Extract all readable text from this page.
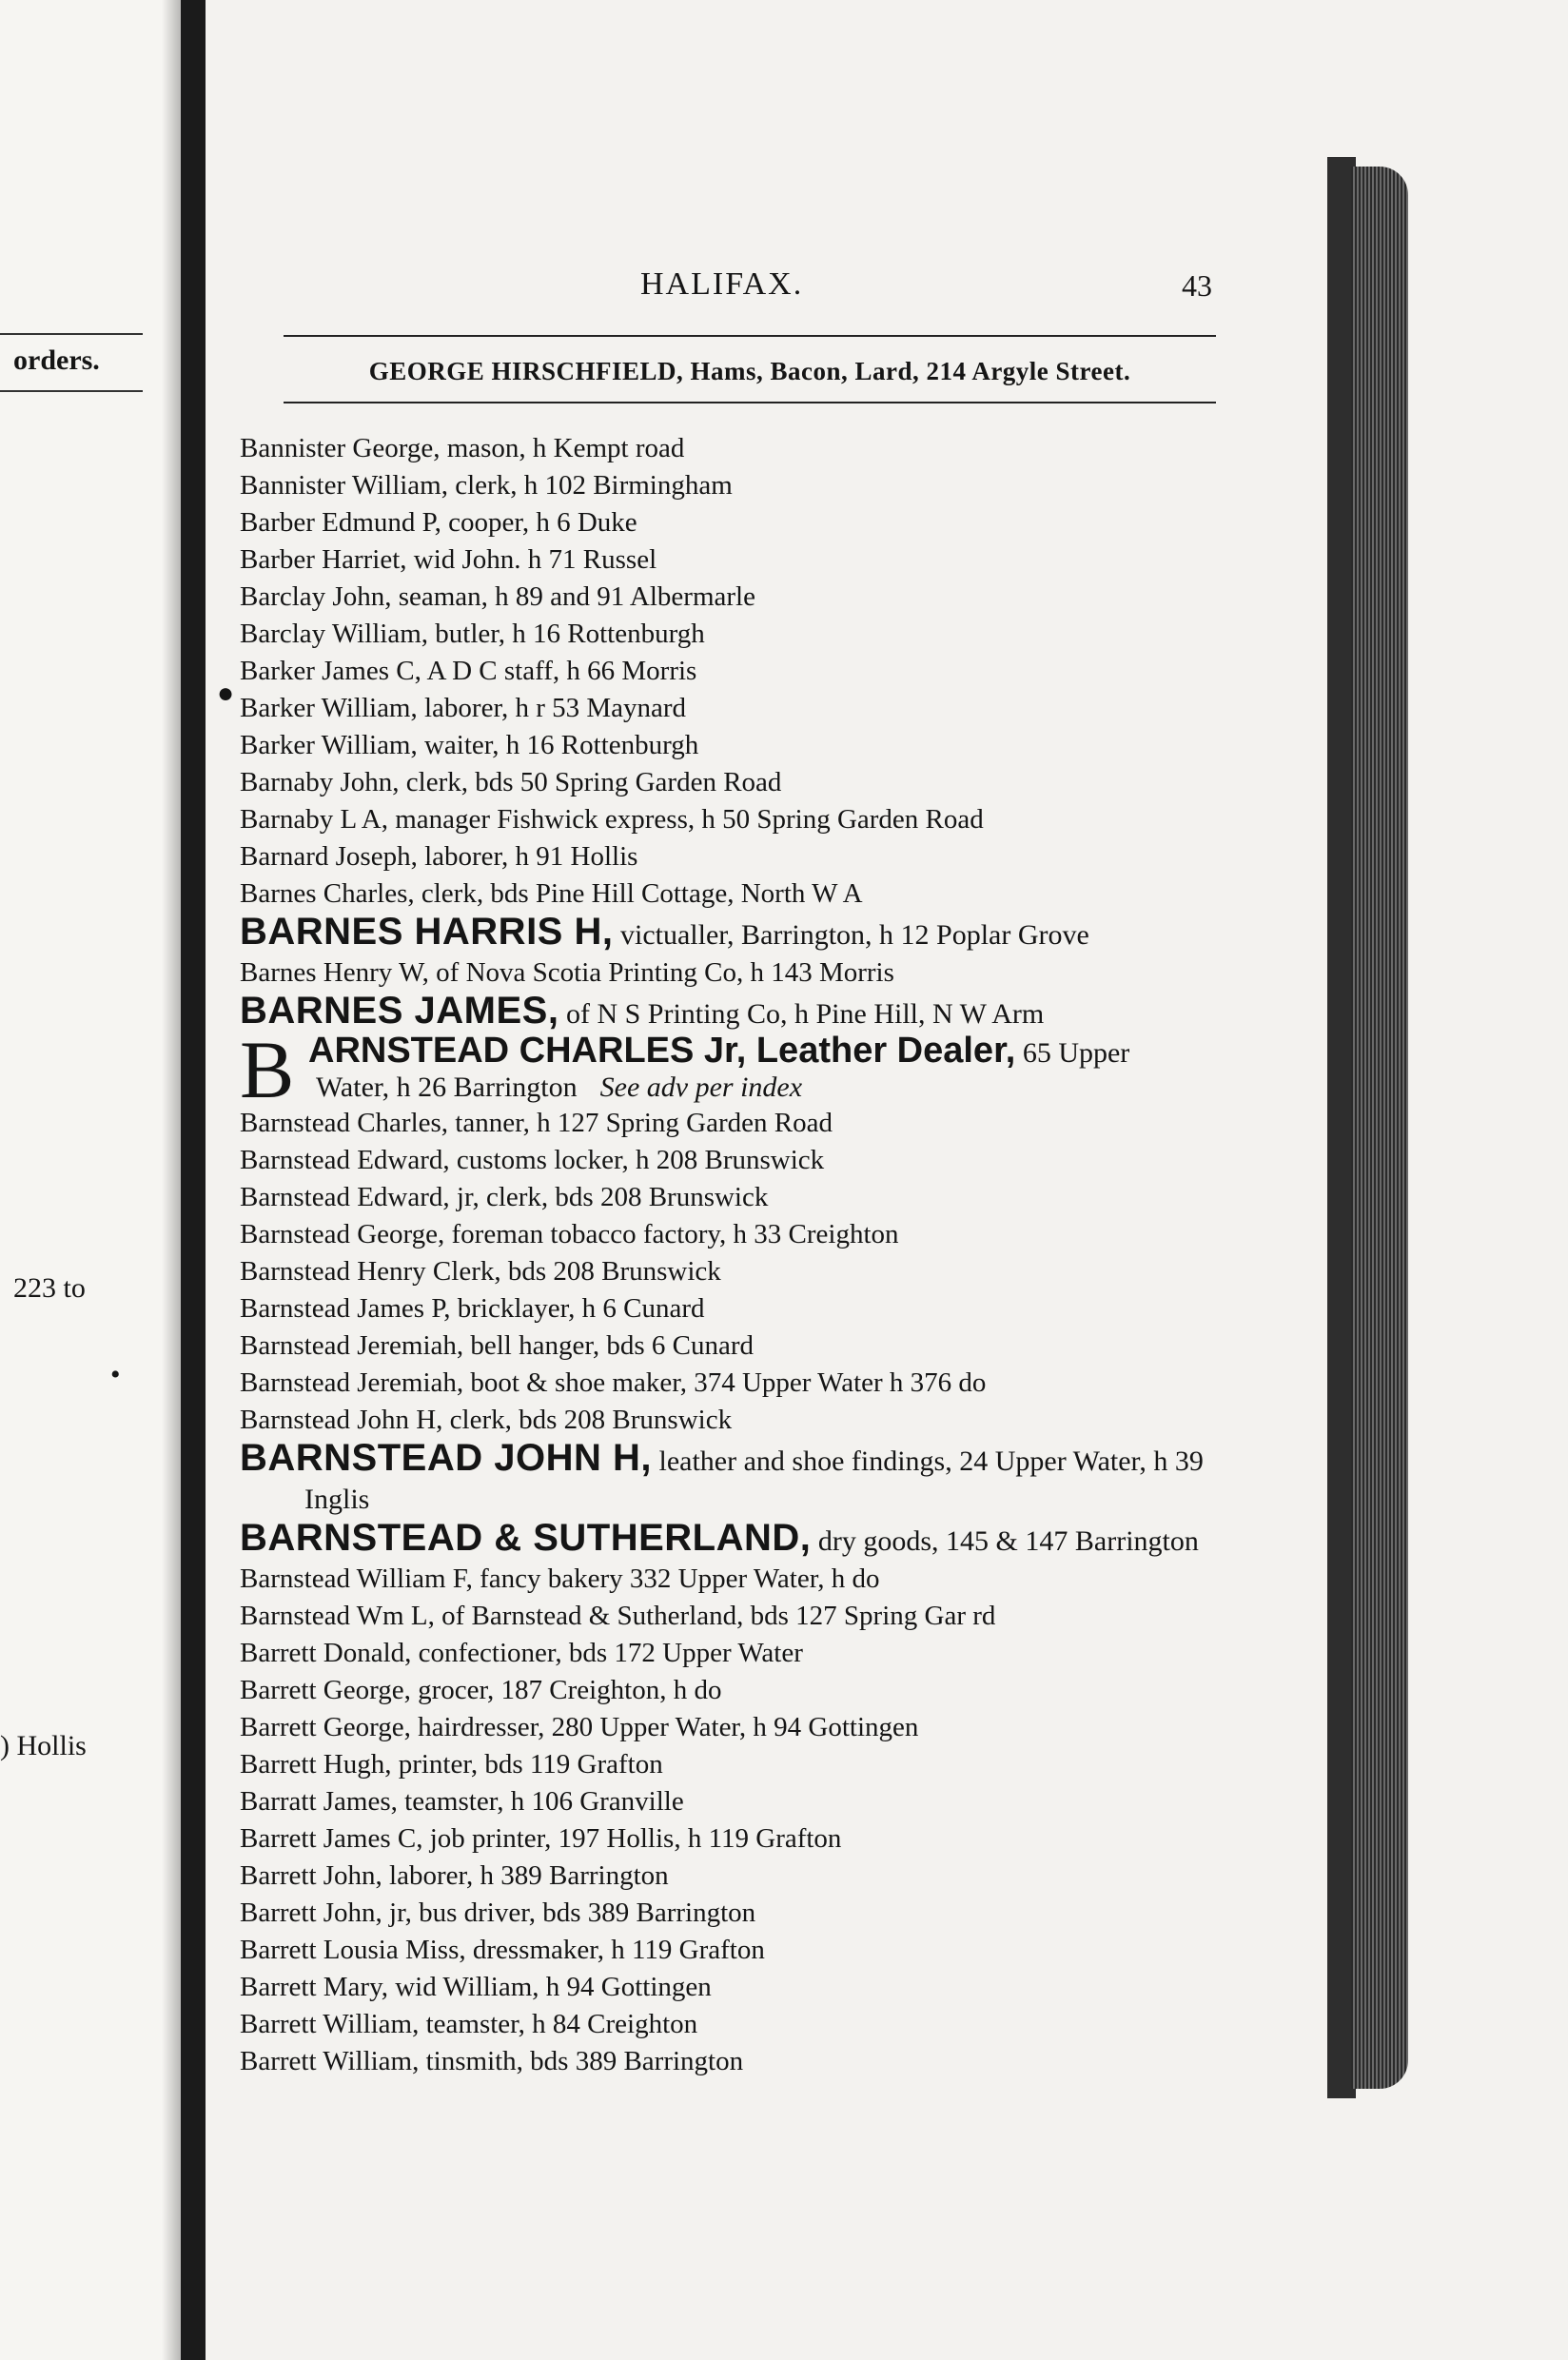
orders.
223 to
•
) Hollis
HALIFAX.	43
GEORGE HIRSCHFIELD, Hams, Bacon, Lard, 214 Argyle Street.
●
Bannister George, mason, h Kempt road
Bannister William, clerk, h 102 Birmingham
Barber Edmund P, cooper, h 6 Duke
Barber Harriet, wid John. h 71 Russel
Barclay John, seaman, h 89 and 91 Albermarle
Barclay William, butler, h 16 Rottenburgh
Barker James C, A D C staff, h 66 Morris
Barker William, laborer, h r 53 Maynard
Barker William, waiter, h 16 Rottenburgh
Barnaby John, clerk, bds 50 Spring Garden Road
Barnaby L A, manager Fishwick express, h 50 Spring Garden Road
Barnard Joseph, laborer, h 91 Hollis
Barnes Charles, clerk, bds Pine Hill Cottage, North W A
BARNES HARRIS H, victualler, Barrington, h 12 Poplar Grove
Barnes Henry W, of Nova Scotia Printing Co, h 143 Morris
BARNES JAMES, of N S Printing Co, h Pine Hill, N W Arm
B ARNSTEAD CHARLES Jr, Leather Dealer, 65 Upper
Water, h 26 Barrington See adv per index
Barnstead Charles, tanner, h 127 Spring Garden Road
Barnstead Edward, customs locker, h 208 Brunswick
Barnstead Edward, jr, clerk, bds 208 Brunswick
Barnstead George, foreman tobacco factory, h 33 Creighton
Barnstead Henry Clerk, bds 208 Brunswick
Barnstead James P, bricklayer, h 6 Cunard
Barnstead Jeremiah, bell hanger, bds 6 Cunard
Barnstead Jeremiah, boot & shoe maker, 374 Upper Water h 376 do
Barnstead John H, clerk, bds 208 Brunswick
BARNSTEAD JOHN H, leather and shoe findings, 24 Upper Water, h 39 Inglis
BARNSTEAD & SUTHERLAND, dry goods, 145 & 147 Barrington
Barnstead William F, fancy bakery 332 Upper Water, h do
Barnstead Wm L, of Barnstead & Sutherland, bds 127 Spring Gar rd
Barrett Donald, confectioner, bds 172 Upper Water
Barrett George, grocer, 187 Creighton, h do
Barrett George, hairdresser, 280 Upper Water, h 94 Gottingen
Barrett Hugh, printer, bds 119 Grafton
Barratt James, teamster, h 106 Granville
Barrett James C, job printer, 197 Hollis, h 119 Grafton
Barrett John, laborer, h 389 Barrington
Barrett John, jr, bus driver, bds 389 Barrington
Barrett Lousia Miss, dressmaker, h 119 Grafton
Barrett Mary, wid William, h 94 Gottingen
Barrett William, teamster, h 84 Creighton
Barrett William, tinsmith, bds 389 Barrington
